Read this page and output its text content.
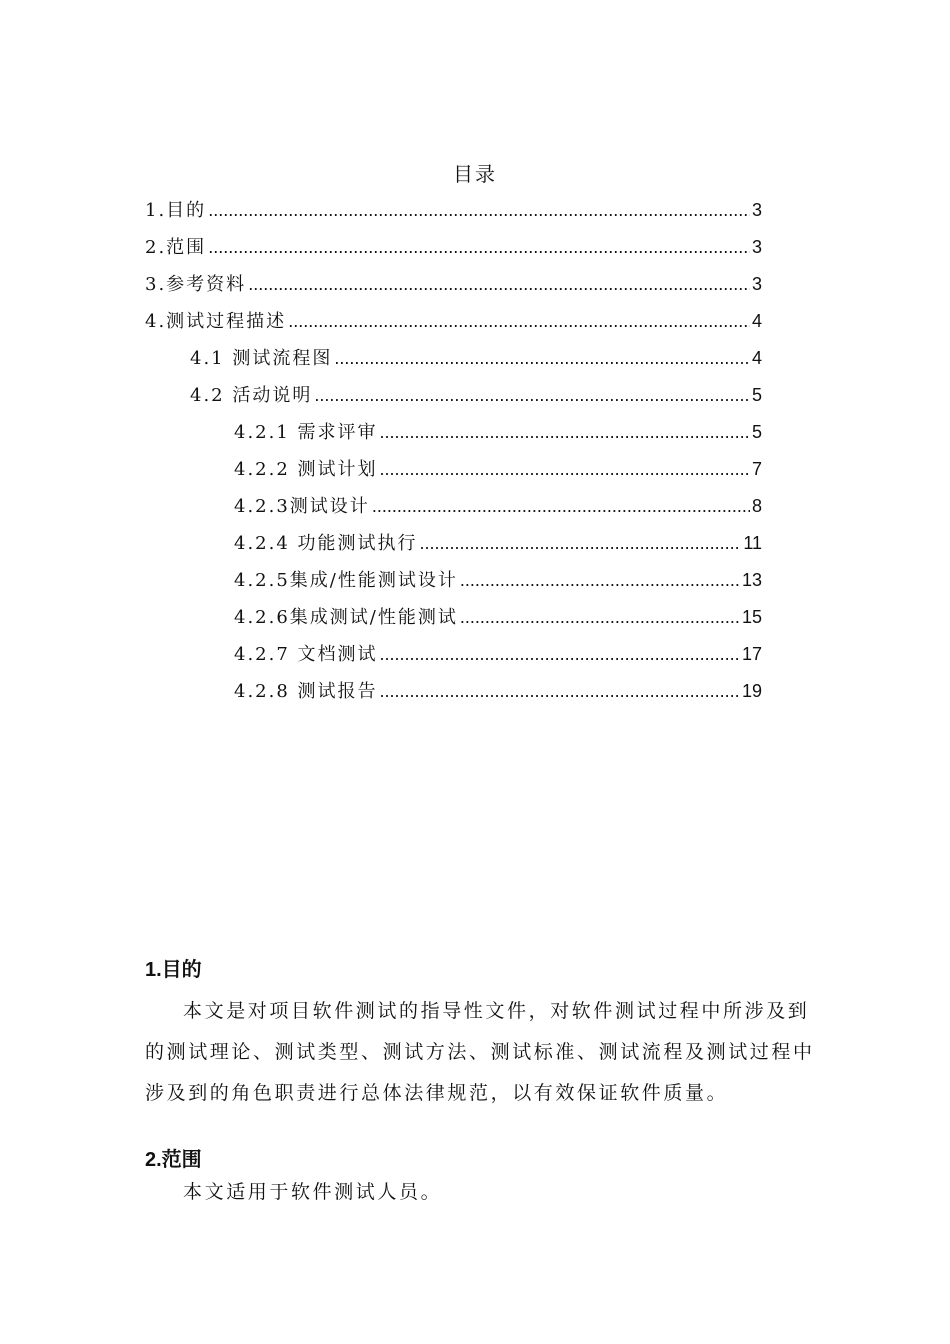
目录
1.目的 .....	3
2.范围 .....	3
3.参考资料 .....	3
4.测试过程描述 .....	4
4.1 测试流程图 .....	4
4.2 活动说明 .....	5
4.2.1 需求评审 .....	5
4.2.2 测试计划 .....	7
4.2.3测试设计 .....	8
4.2.4 功能测试执行 .....	11
4.2.5集成/性能测试设计 .....	13
4.2.6集成测试/性能测试 .....	15
4.2.7 文档测试 .....	17
4.2.8 测试报告 .....	19
1.目的
本文是对项目软件测试的指导性文件，对软件测试过程中所涉及到的测试理论、测试类型、测试方法、测试标准、测试流程及测试过程中涉及到的角色职责进行总体法律规范，以有效保证软件质量。
2.范围
本文适用于软件测试人员。
